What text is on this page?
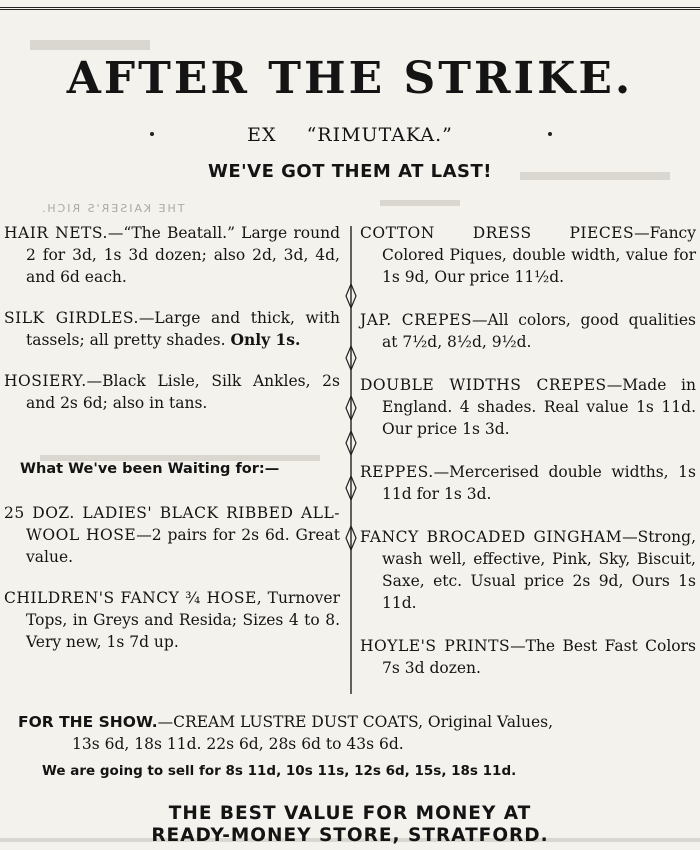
AFTER THE STRIKE.
EX “RIMUTAKA.”
WE'VE GOT THEM AT LAST!
THE KAISER'S RICH.
HAIR NETS.—“The Beatall.” Large round 2 for 3d, 1s 3d dozen; also 2d, 3d, 4d, and 6d each.
SILK GIRDLES.—Large and thick, with tassels; all pretty shades. Only 1s.
HOSIERY.—Black Lisle, Silk Ankles, 2s and 2s 6d; also in tans.
What We've been Waiting for:—
25 DOZ. LADIES' BLACK RIBBED ALL-WOOL HOSE—2 pairs for 2s 6d. Great value.
CHILDREN'S FANCY ¾ HOSE, Turnover Tops, in Greys and Resida; Sizes 4 to 8. Very new, 1s 7d up.
COTTON DRESS PIECES—Fancy Colored Piques, double width, value for 1s 9d, Our price 11½d.
JAP. CREPES—All colors, good qualities at 7½d, 8½d, 9½d.
DOUBLE WIDTHS CREPES—Made in England. 4 shades. Real value 1s 11d. Our price 1s 3d.
REPPES.—Mercerised double widths, 1s 11d for 1s 3d.
FANCY BROCADED GINGHAM—Strong, wash well, effective, Pink, Sky, Biscuit, Saxe, etc. Usual price 2s 9d, Ours 1s 11d.
HOYLE'S PRINTS—The Best Fast Colors 7s 3d dozen.
FOR THE SHOW.—CREAM LUSTRE DUST COATS, Original Values,
13s 6d, 18s 11d. 22s 6d, 28s 6d to 43s 6d.
We are going to sell for 8s 11d, 10s 11s, 12s 6d, 15s, 18s 11d.
THE BEST VALUE FOR MONEY AT
READY-MONEY STORE, STRATFORD.
